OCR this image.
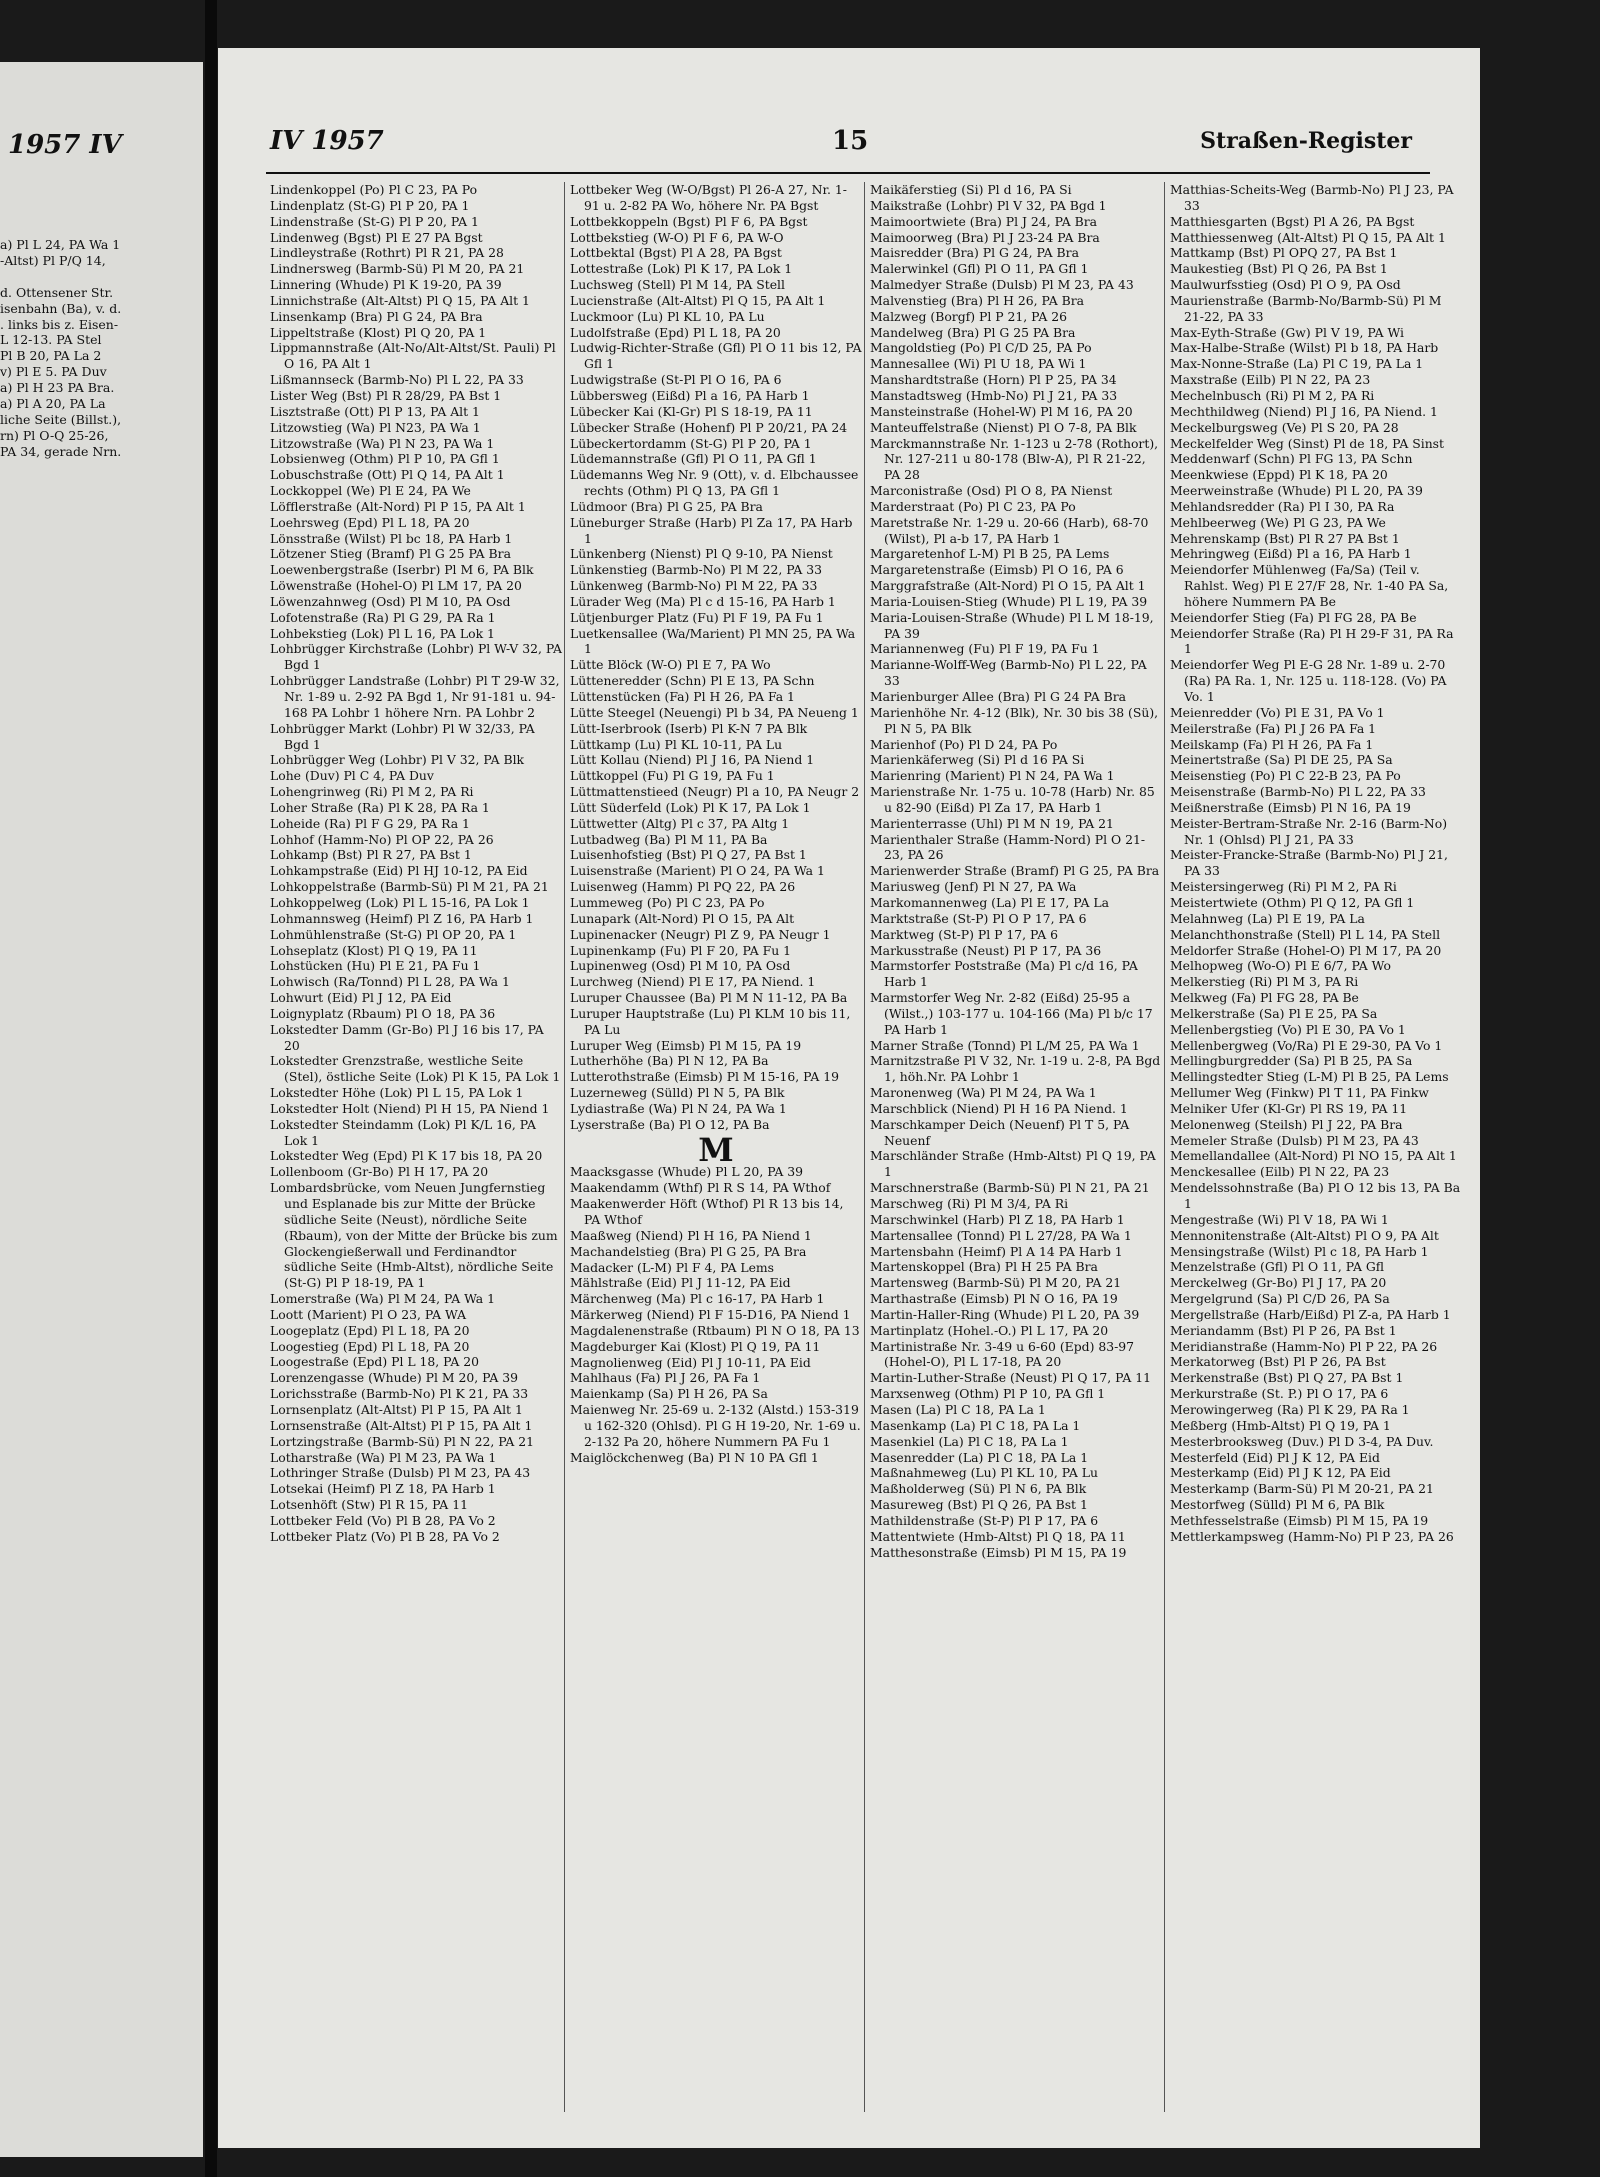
1957 IV
a) Pl L 24, PA Wa 1
-Altst) Pl P/Q 14,

d. Ottensener Str.
isenbahn (Ba), v. d.
. links bis z. Eisen-
L 12-13. PA Stel
Pl B 20, PA La 2
v) Pl E 5. PA Duv
a) Pl H 23 PA Bra.
a) Pl A 20, PA La
liche Seite (Billst.),
rn) Pl O-Q 25-26,
PA 34, gerade Nrn.
IV 1957	15	Straßen-Register

Lindenkoppel (Po) Pl C 23, PA Po

Lindenplatz (St-G) Pl P 20, PA 1

Lindenstraße (St-G) Pl P 20, PA 1

Lindenweg (Bgst) Pl E 27 PA Bgst

Lindleystraße (Rothrt) Pl R 21, PA 28

Lindnersweg (Barmb-Sü) Pl M 20, PA 21

Linnering (Whude) Pl K 19-20, PA 39

Linnichstraße (Alt-Altst) Pl Q 15, PA Alt 1

Linsenkamp (Bra) Pl G 24, PA Bra

Lippeltstraße (Klost) Pl Q 20, PA 1

Lippmannstraße (Alt-No/Alt-Altst/St. Pauli) Pl O 16, PA Alt 1

Lißmannseck (Barmb-No) Pl L 22, PA 33

Lister Weg (Bst) Pl R 28/29, PA Bst 1

Lisztstraße (Ott) Pl P 13, PA Alt 1

Litzowstieg (Wa) Pl N23, PA Wa 1

Litzowstraße (Wa) Pl N 23, PA Wa 1

Lobsienweg (Othm) Pl P 10, PA Gfl 1

Lobuschstraße (Ott) Pl Q 14, PA Alt 1

Lockkoppel (We) Pl E 24, PA We

Löfflerstraße (Alt-Nord) Pl P 15, PA Alt 1

Loehrsweg (Epd) Pl L 18, PA 20

Lönsstraße (Wilst) Pl bc 18, PA Harb 1

Lötzener Stieg (Bramf) Pl G 25 PA Bra

Loewenbergstraße (Iserbr) Pl M 6, PA Blk

Löwenstraße (Hohel-O) Pl LM 17, PA 20

Löwenzahnweg (Osd) Pl M 10, PA Osd

Lofotenstraße (Ra) Pl G 29, PA Ra 1

Lohbekstieg (Lok) Pl L 16, PA Lok 1

Lohbrügger Kirchstraße (Lohbr) Pl W-V 32, PA Bgd 1

Lohbrügger Landstraße (Lohbr) Pl T 29-W 32, Nr. 1-89 u. 2-92 PA Bgd 1, Nr 91-181 u. 94-168 PA Lohbr 1 höhere Nrn. PA Lohbr 2

Lohbrügger Markt (Lohbr) Pl W 32/33, PA Bgd 1

Lohbrügger Weg (Lohbr) Pl V 32, PA Blk

Lohe (Duv) Pl C 4, PA Duv

Lohengrinweg (Ri) Pl M 2, PA Ri

Loher Straße (Ra) Pl K 28, PA Ra 1

Loheide (Ra) Pl F G 29, PA Ra 1

Lohhof (Hamm-No) Pl OP 22, PA 26

Lohkamp (Bst) Pl R 27, PA Bst 1

Lohkampstraße (Eid) Pl HJ 10-12, PA Eid

Lohkoppelstraße (Barmb-Sü) Pl M 21, PA 21

Lohkoppelweg (Lok) Pl L 15-16, PA Lok 1

Lohmannsweg (Heimf) Pl Z 16, PA Harb 1

Lohmühlenstraße (St-G) Pl OP 20, PA 1

Lohseplatz (Klost) Pl Q 19, PA 11

Lohstücken (Hu) Pl E 21, PA Fu 1

Lohwisch (Ra/Tonnd) Pl L 28, PA Wa 1

Lohwurt (Eid) Pl J 12, PA Eid

Loignyplatz (Rbaum) Pl O 18, PA 36

Lokstedter Damm (Gr-Bo) Pl J 16 bis 17, PA 20

Lokstedter Grenzstraße, westliche Seite (Stel), östliche Seite (Lok) Pl K 15, PA Lok 1

Lokstedter Höhe (Lok) Pl L 15, PA Lok 1

Lokstedter Holt (Niend) Pl H 15, PA Niend 1

Lokstedter Steindamm (Lok) Pl K/L 16, PA Lok 1

Lokstedter Weg (Epd) Pl K 17 bis 18, PA 20

Lollenboom (Gr-Bo) Pl H 17, PA 20

Lombardsbrücke, vom Neuen Jungfernstieg und Esplanade bis zur Mitte der Brücke südliche Seite (Neust), nördliche Seite (Rbaum), von der Mitte der Brücke bis zum Glockengießerwall und Ferdinandtor südliche Seite (Hmb-Altst), nördliche Seite (St-G) Pl P 18-19, PA 1

Lomerstraße (Wa) Pl M 24, PA Wa 1

Loott (Marient) Pl O 23, PA WA

Loogeplatz (Epd) Pl L 18, PA 20

Loogestieg (Epd) Pl L 18, PA 20

Loogestraße (Epd) Pl L 18, PA 20

Lorenzengasse (Whude) Pl M 20, PA 39

Lorichsstraße (Barmb-No) Pl K 21, PA 33

Lornsenplatz (Alt-Altst) Pl P 15, PA Alt 1

Lornsenstraße (Alt-Altst) Pl P 15, PA Alt 1

Lortzingstraße (Barmb-Sü) Pl N 22, PA 21

Lotharstraße (Wa) Pl M 23, PA Wa 1

Lothringer Straße (Dulsb) Pl M 23, PA 43

Lotsekai (Heimf) Pl Z 18, PA Harb 1

Lotsenhöft (Stw) Pl R 15, PA 11

Lottbeker Feld (Vo) Pl B 28, PA Vo 2

Lottbeker Platz (Vo) Pl B 28, PA Vo 2

Lottbeker Weg (W-O/Bgst) Pl 26-A 27, Nr. 1-91 u. 2-82 PA Wo, höhere Nr. PA Bgst

Lottbekkoppeln (Bgst) Pl F 6, PA Bgst

Lottbekstieg (W-O) Pl F 6, PA W-O

Lottbektal (Bgst) Pl A 28, PA Bgst

Lottestraße (Lok) Pl K 17, PA Lok 1

Luchsweg (Stell) Pl M 14, PA Stell

Lucienstraße (Alt-Altst) Pl Q 15, PA Alt 1

Luckmoor (Lu) Pl KL 10, PA Lu

Ludolfstraße (Epd) Pl L 18, PA 20

Ludwig-Richter-Straße (Gfl) Pl O 11 bis 12, PA Gfl 1

Ludwigstraße (St-Pl Pl O 16, PA 6

Lübbersweg (Eißd) Pl a 16, PA Harb 1

Lübecker Kai (Kl-Gr) Pl S 18-19, PA 11

Lübecker Straße (Hohenf) Pl P 20/21, PA 24

Lübeckertordamm (St-G) Pl P 20, PA 1

Lüdemannstraße (Gfl) Pl O 11, PA Gfl 1

Lüdemanns Weg Nr. 9 (Ott), v. d. Elbchaussee rechts (Othm) Pl Q 13, PA Gfl 1

Lüdmoor (Bra) Pl G 25, PA Bra

Lüneburger Straße (Harb) Pl Za 17, PA Harb 1

Lünkenberg (Nienst) Pl Q 9-10, PA Nienst

Lünkenstieg (Barmb-No) Pl M 22, PA 33

Lünkenweg (Barmb-No) Pl M 22, PA 33

Lürader Weg (Ma) Pl c d 15-16, PA Harb 1

Lütjenburger Platz (Fu) Pl F 19, PA Fu 1

Luetkensallee (Wa/Marient) Pl MN 25, PA Wa 1

Lütte Blöck (W-O) Pl E 7, PA Wo

Lütteneredder (Schn) Pl E 13, PA Schn

Lüttenstücken (Fa) Pl H 26, PA Fa 1

Lütte Steegel (Neuengi) Pl b 34, PA Neueng 1

Lütt-Iserbrook (Iserb) Pl K-N 7 PA Blk

Lüttkamp (Lu) Pl KL 10-11, PA Lu

Lütt Kollau (Niend) Pl J 16, PA Niend 1

Lüttkoppel (Fu) Pl G 19, PA Fu 1

Lüttmattenstieed (Neugr) Pl a 10, PA Neugr 2

Lütt Süderfeld (Lok) Pl K 17, PA Lok 1

Lüttwetter (Altg) Pl c 37, PA Altg 1

Lutbadweg (Ba) Pl M 11, PA Ba

Luisenhofstieg (Bst) Pl Q 27, PA Bst 1

Luisenstraße (Marient) Pl O 24, PA Wa 1

Luisenweg (Hamm) Pl PQ 22, PA 26

Lummeweg (Po) Pl C 23, PA Po

Lunapark (Alt-Nord) Pl O 15, PA Alt

Lupinenacker (Neugr) Pl Z 9, PA Neugr 1

Lupinenkamp (Fu) Pl F 20, PA Fu 1

Lupinenweg (Osd) Pl M 10, PA Osd

Lurchweg (Niend) Pl E 17, PA Niend. 1

Luruper Chaussee (Ba) Pl M N 11-12, PA Ba

Luruper Hauptstraße (Lu) Pl KLM 10 bis 11, PA Lu

Luruper Weg (Eimsb) Pl M 15, PA 19

Lutherhöhe (Ba) Pl N 12, PA Ba

Lutterothstraße (Eimsb) Pl M 15-16, PA 19

Luzerneweg (Sülld) Pl N 5, PA Blk

Lydiastraße (Wa) Pl N 24, PA Wa 1

Lyserstraße (Ba) Pl O 12, PA Ba

M

Maacksgasse (Whude) Pl L 20, PA 39

Maakendamm (Wthf) Pl R S 14, PA Wthof

Maakenwerder Höft (Wthof) Pl R 13 bis 14, PA Wthof

Maaßweg (Niend) Pl H 16, PA Niend 1

Machandelstieg (Bra) Pl G 25, PA Bra

Madacker (L-M) Pl F 4, PA Lems

Mählstraße (Eid) Pl J 11-12, PA Eid

Märchenweg (Ma) Pl c 16-17, PA Harb 1

Märkerweg (Niend) Pl F 15-D16, PA Niend 1

Magdalenenstraße (Rtbaum) Pl N O 18, PA 13

Magdeburger Kai (Klost) Pl Q 19, PA 11

Magnolienweg (Eid) Pl J 10-11, PA Eid

Mahlhaus (Fa) Pl J 26, PA Fa 1

Maienkamp (Sa) Pl H 26, PA Sa

Maienweg Nr. 25-69 u. 2-132 (Alstd.) 153-319 u 162-320 (Ohlsd). Pl G H 19-20, Nr. 1-69 u. 2-132 Pa 20, höhere Nummern PA Fu 1

Maiglöckchenweg (Ba) Pl N 10 PA Gfl 1

Maikäferstieg (Si) Pl d 16, PA Si

Maikstraße (Lohbr) Pl V 32, PA Bgd 1

Maimoortwiete (Bra) Pl J 24, PA Bra

Maimoorweg (Bra) Pl J 23-24 PA Bra

Maisredder (Bra) Pl G 24, PA Bra

Malerwinkel (Gfl) Pl O 11, PA Gfl 1

Malmedyer Straße (Dulsb) Pl M 23, PA 43

Malvenstieg (Bra) Pl H 26, PA Bra

Malzweg (Borgf) Pl P 21, PA 26

Mandelweg (Bra) Pl G 25 PA Bra

Mangoldstieg (Po) Pl C/D 25, PA Po

Mannesallee (Wi) Pl U 18, PA Wi 1

Manshardtstraße (Horn) Pl P 25, PA 34

Manstadtsweg (Hmb-No) Pl J 21, PA 33

Mansteinstraße (Hohel-W) Pl M 16, PA 20

Manteuffelstraße (Nienst) Pl O 7-8, PA Blk

Marckmannstraße Nr. 1-123 u 2-78 (Rothort), Nr. 127-211 u 80-178 (Blw-A), Pl R 21-22, PA 28

Marconistraße (Osd) Pl O 8, PA Nienst

Marderstraat (Po) Pl C 23, PA Po

Maretstraße Nr. 1-29 u. 20-66 (Harb), 68-70 (Wilst), Pl a-b 17, PA Harb 1

Margaretenhof L-M) Pl B 25, PA Lems

Margaretenstraße (Eimsb) Pl O 16, PA 6

Marggrafstraße (Alt-Nord) Pl O 15, PA Alt 1

Maria-Louisen-Stieg (Whude) Pl L 19, PA 39

Maria-Louisen-Straße (Whude) Pl L M 18-19, PA 39

Mariannenweg (Fu) Pl F 19, PA Fu 1

Marianne-Wolff-Weg (Barmb-No) Pl L 22, PA 33

Marienburger Allee (Bra) Pl G 24 PA Bra

Marienhöhe Nr. 4-12 (Blk), Nr. 30 bis 38 (Sü), Pl N 5, PA Blk

Marienhof (Po) Pl D 24, PA Po

Marienkäferweg (Si) Pl d 16 PA Si

Marienring (Marient) Pl N 24, PA Wa 1

Marienstraße Nr. 1-75 u. 10-78 (Harb) Nr. 85 u 82-90 (Eißd) Pl Za 17, PA Harb 1

Marienterrasse (Uhl) Pl M N 19, PA 21

Marienthaler Straße (Hamm-Nord) Pl O 21-23, PA 26

Marienwerder Straße (Bramf) Pl G 25, PA Bra

Mariusweg (Jenf) Pl N 27, PA Wa

Markomannenweg (La) Pl E 17, PA La

Marktstraße (St-P) Pl O P 17, PA 6

Marktweg (St-P) Pl P 17, PA 6

Markusstraße (Neust) Pl P 17, PA 36

Marmstorfer Poststraße (Ma) Pl c/d 16, PA Harb 1

Marmstorfer Weg Nr. 2-82 (Eißd) 25-95 a (Wilst.,) 103-177 u. 104-166 (Ma) Pl b/c 17 PA Harb 1

Marner Straße (Tonnd) Pl L/M 25, PA Wa 1

Marnitzstraße Pl V 32, Nr. 1-19 u. 2-8, PA Bgd 1, höh.Nr. PA Lohbr 1

Maronenweg (Wa) Pl M 24, PA Wa 1

Marschblick (Niend) Pl H 16 PA Niend. 1

Marschkamper Deich (Neuenf) Pl T 5, PA Neuenf

Marschländer Straße (Hmb-Altst) Pl Q 19, PA 1

Marschnerstraße (Barmb-Sü) Pl N 21, PA 21

Marschweg (Ri) Pl M 3/4, PA Ri

Marschwinkel (Harb) Pl Z 18, PA Harb 1

Martensallee (Tonnd) Pl L 27/28, PA Wa 1

Martensbahn (Heimf) Pl A 14 PA Harb 1

Martenskoppel (Bra) Pl H 25 PA Bra

Martensweg (Barmb-Sü) Pl M 20, PA 21

Marthastraße (Eimsb) Pl N O 16, PA 19

Martin-Haller-Ring (Whude) Pl L 20, PA 39

Martinplatz (Hohel.-O.) Pl L 17, PA 20

Martinistraße Nr. 3-49 u 6-60 (Epd) 83-97 (Hohel-O), Pl L 17-18, PA 20

Martin-Luther-Straße (Neust) Pl Q 17, PA 11

Marxsenweg (Othm) Pl P 10, PA Gfl 1

Masen (La) Pl C 18, PA La 1

Masenkamp (La) Pl C 18, PA La 1

Masenkiel (La) Pl C 18, PA La 1

Masenredder (La) Pl C 18, PA La 1

Maßnahmeweg (Lu) Pl KL 10, PA Lu

Maßholderweg (Sü) Pl N 6, PA Blk

Masureweg (Bst) Pl Q 26, PA Bst 1

Mathildenstraße (St-P) Pl P 17, PA 6

Mattentwiete (Hmb-Altst) Pl Q 18, PA 11

Matthesonstraße (Eimsb) Pl M 15, PA 19

Matthias-Scheits-Weg (Barmb-No) Pl J 23, PA 33

Matthiesgarten (Bgst) Pl A 26, PA Bgst

Matthiessenweg (Alt-Altst) Pl Q 15, PA Alt 1

Mattkamp (Bst) Pl OPQ 27, PA Bst 1

Maukestieg (Bst) Pl Q 26, PA Bst 1

Maulwurfsstieg (Osd) Pl O 9, PA Osd

Maurienstraße (Barmb-No/Barmb-Sü) Pl M 21-22, PA 33

Max-Eyth-Straße (Gw) Pl V 19, PA Wi

Max-Halbe-Straße (Wilst) Pl b 18, PA Harb

Max-Nonne-Straße (La) Pl C 19, PA La 1

Maxstraße (Eilb) Pl N 22, PA 23

Mechelnbusch (Ri) Pl M 2, PA Ri

Mechthildweg (Niend) Pl J 16, PA Niend. 1

Meckelburgsweg (Ve) Pl S 20, PA 28

Meckelfelder Weg (Sinst) Pl de 18, PA Sinst

Meddenwarf (Schn) Pl FG 13, PA Schn

Meenkwiese (Eppd) Pl K 18, PA 20

Meerweinstraße (Whude) Pl L 20, PA 39

Mehlandsredder (Ra) Pl I 30, PA Ra

Mehlbeerweg (We) Pl G 23, PA We

Mehrenskamp (Bst) Pl R 27 PA Bst 1

Mehringweg (Eißd) Pl a 16, PA Harb 1

Meiendorfer Mühlenweg (Fa/Sa) (Teil v. Rahlst. Weg) Pl E 27/F 28, Nr. 1-40 PA Sa, höhere Nummern PA Be

Meiendorfer Stieg (Fa) Pl FG 28, PA Be

Meiendorfer Straße (Ra) Pl H 29-F 31, PA Ra 1

Meiendorfer Weg Pl E-G 28 Nr. 1-89 u. 2-70 (Ra) PA Ra. 1, Nr. 125 u. 118-128. (Vo) PA Vo. 1

Meienredder (Vo) Pl E 31, PA Vo 1

Meilerstraße (Fa) Pl J 26 PA Fa 1

Meilskamp (Fa) Pl H 26, PA Fa 1

Meinertstraße (Sa) Pl DE 25, PA Sa

Meisenstieg (Po) Pl C 22-B 23, PA Po

Meisenstraße (Barmb-No) Pl L 22, PA 33

Meißnerstraße (Eimsb) Pl N 16, PA 19

Meister-Bertram-Straße Nr. 2-16 (Barm-No) Nr. 1 (Ohlsd) Pl J 21, PA 33

Meister-Francke-Straße (Barmb-No) Pl J 21, PA 33

Meistersingerweg (Ri) Pl M 2, PA Ri

Meistertwiete (Othm) Pl Q 12, PA Gfl 1

Melahnweg (La) Pl E 19, PA La

Melanchthonstraße (Stell) Pl L 14, PA Stell

Meldorfer Straße (Hohel-O) Pl M 17, PA 20

Melhopweg (Wo-O) Pl E 6/7, PA Wo

Melkerstieg (Ri) Pl M 3, PA Ri

Melkweg (Fa) Pl FG 28, PA Be

Melkerstraße (Sa) Pl E 25, PA Sa

Mellenbergstieg (Vo) Pl E 30, PA Vo 1

Mellenbergweg (Vo/Ra) Pl E 29-30, PA Vo 1

Mellingburgredder (Sa) Pl B 25, PA Sa

Mellingstedter Stieg (L-M) Pl B 25, PA Lems

Mellumer Weg (Finkw) Pl T 11, PA Finkw

Melniker Ufer (Kl-Gr) Pl RS 19, PA 11

Melonenweg (Steilsh) Pl J 22, PA Bra

Memeler Straße (Dulsb) Pl M 23, PA 43

Memellandallee (Alt-Nord) Pl NO 15, PA Alt 1

Menckesallee (Eilb) Pl N 22, PA 23

Mendelssohnstraße (Ba) Pl O 12 bis 13, PA Ba 1

Mengestraße (Wi) Pl V 18, PA Wi 1

Mennonitenstraße (Alt-Altst) Pl O 9, PA Alt

Mensingstraße (Wilst) Pl c 18, PA Harb 1

Menzelstraße (Gfl) Pl O 11, PA Gfl

Merckelweg (Gr-Bo) Pl J 17, PA 20

Mergelgrund (Sa) Pl C/D 26, PA Sa

Mergellstraße (Harb/Eißd) Pl Z-a, PA Harb 1

Meriandamm (Bst) Pl P 26, PA Bst 1

Meridianstraße (Hamm-No) Pl P 22, PA 26

Merkatorweg (Bst) Pl P 26, PA Bst

Merkenstraße (Bst) Pl Q 27, PA Bst 1

Merkurstraße (St. P.) Pl O 17, PA 6

Merowingerweg (Ra) Pl K 29, PA Ra 1

Meßberg (Hmb-Altst) Pl Q 19, PA 1

Mesterbrooksweg (Duv.) Pl D 3-4, PA Duv.

Mesterfeld (Eid) Pl J K 12, PA Eid

Mesterkamp (Eid) Pl J K 12, PA Eid

Mesterkamp (Barm-Sü) Pl M 20-21, PA 21

Mestorfweg (Sülld) Pl M 6, PA Blk

Methfesselstraße (Eimsb) Pl M 15, PA 19

Mettlerkampsweg (Hamm-No) Pl P 23, PA 26
